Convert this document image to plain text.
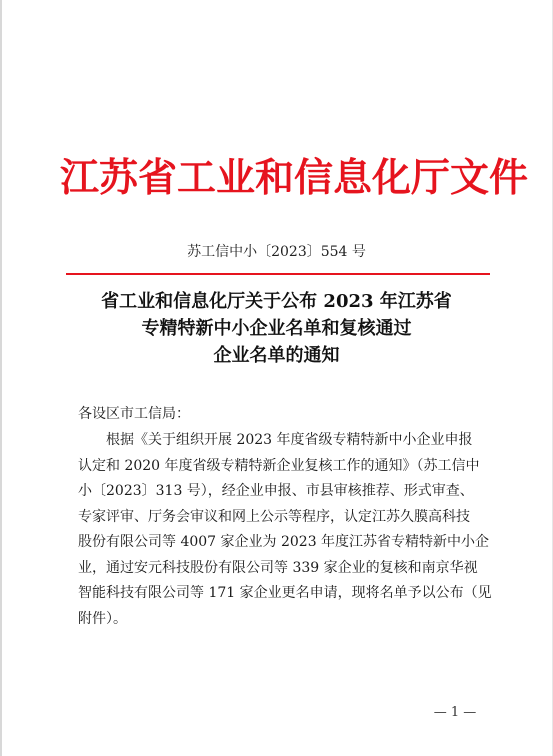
江苏省工业和信息化厅文件
苏工信中小〔2023〕554 号
省工业和信息化厅关于公布 2023 年江苏省
专精特新中小企业名单和复核通过
企业名单的通知
各设区市工信局：
根据《关于组织开展 2023 年度省级专精特新中小企业申报
认定和 2020 年度省级专精特新企业复核工作的通知》（苏工信中
小〔2023〕313 号），经企业申报、市县审核推荐、形式审查、
专家评审、厅务会审议和网上公示等程序，认定江苏久膜高科技
股份有限公司等 4007 家企业为 2023 年度江苏省专精特新中小企
业，通过安元科技股份有限公司等 339 家企业的复核和南京华视
智能科技有限公司等 171 家企业更名申请，现将名单予以公布（见
附件）。
— 1 —
